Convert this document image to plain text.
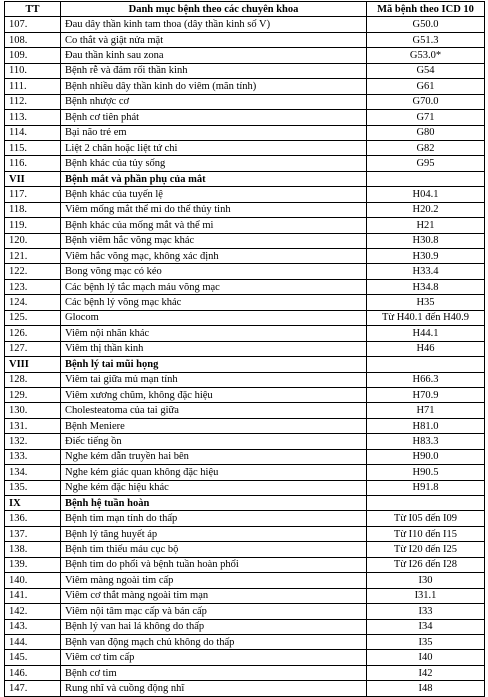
TT	Danh mục bệnh theo các chuyên khoa	Mã bệnh theo ICD 10
107.	Đau dây thần kinh tam thoa (dây thần kinh số V)	G50.0
108.	Co thắt và giật nửa mặt	G51.3
109.	Đau thần kinh sau zona	G53.0*
110.	Bệnh rễ và đám rối thần kinh	G54
111.	Bệnh nhiều dây thần kinh do viêm (mãn tính)	G61
112.	Bệnh nhược cơ	G70.0
113.	Bệnh cơ tiên phát	G71
114.	Bại não trẻ em	G80
115.	Liệt 2 chân hoặc liệt tứ chi	G82
116.	Bệnh khác của tủy sống	G95
VII	Bệnh mắt và phần phụ của mắt	
117.	Bệnh khác của tuyến lệ	H04.1
118.	Viêm mống mắt thể mi do thể thủy tinh	H20.2
119.	Bệnh khác của mống mắt và thể mi	H21
120.	Bệnh viêm hắc võng mạc khác	H30.8
121.	Viêm hắc võng mạc, không xác định	H30.9
122.	Bong võng mạc có kéo	H33.4
123.	Các bệnh lý tắc mạch máu võng mạc	H34.8
124.	Các bệnh lý võng mạc khác	H35
125.	Glocom	Từ H40.1 đến H40.9
126.	Viêm nội nhãn khác	H44.1
127.	Viêm thị thần kinh	H46
VIII	Bệnh lý tai mũi họng	
128.	Viêm tai giữa mủ mạn tính	H66.3
129.	Viêm xương chũm, không đặc hiệu	H70.9
130.	Cholesteatoma của tai giữa	H71
131.	Bệnh Meniere	H81.0
132.	Điếc tiếng ồn	H83.3
133.	Nghe kém dẫn truyền hai bên	H90.0
134.	Nghe kém giác quan không đặc hiệu	H90.5
135.	Nghe kém đặc hiệu khác	H91.8
IX	Bệnh hệ tuần hoàn	
136.	Bệnh tim mạn tính do thấp	Từ I05 đến I09
137.	Bệnh lý tăng huyết áp	Từ I10 đến I15
138.	Bệnh tim thiếu máu cục bộ	Từ I20 đến I25
139.	Bệnh tim do phổi và bệnh tuần hoàn phổi	Từ I26 đến I28
140.	Viêm màng ngoài tim cấp	I30
141.	Viêm cơ thắt màng ngoài tim mạn	I31.1
142.	Viêm nội tâm mạc cấp và bán cấp	I33
143.	Bệnh lý van hai lá không do thấp	I34
144.	Bệnh van động mạch chủ không do thấp	I35
145.	Viêm cơ tim cấp	I40
146.	Bệnh cơ tim	I42
147.	Rung nhĩ và cuồng động nhĩ	I48
